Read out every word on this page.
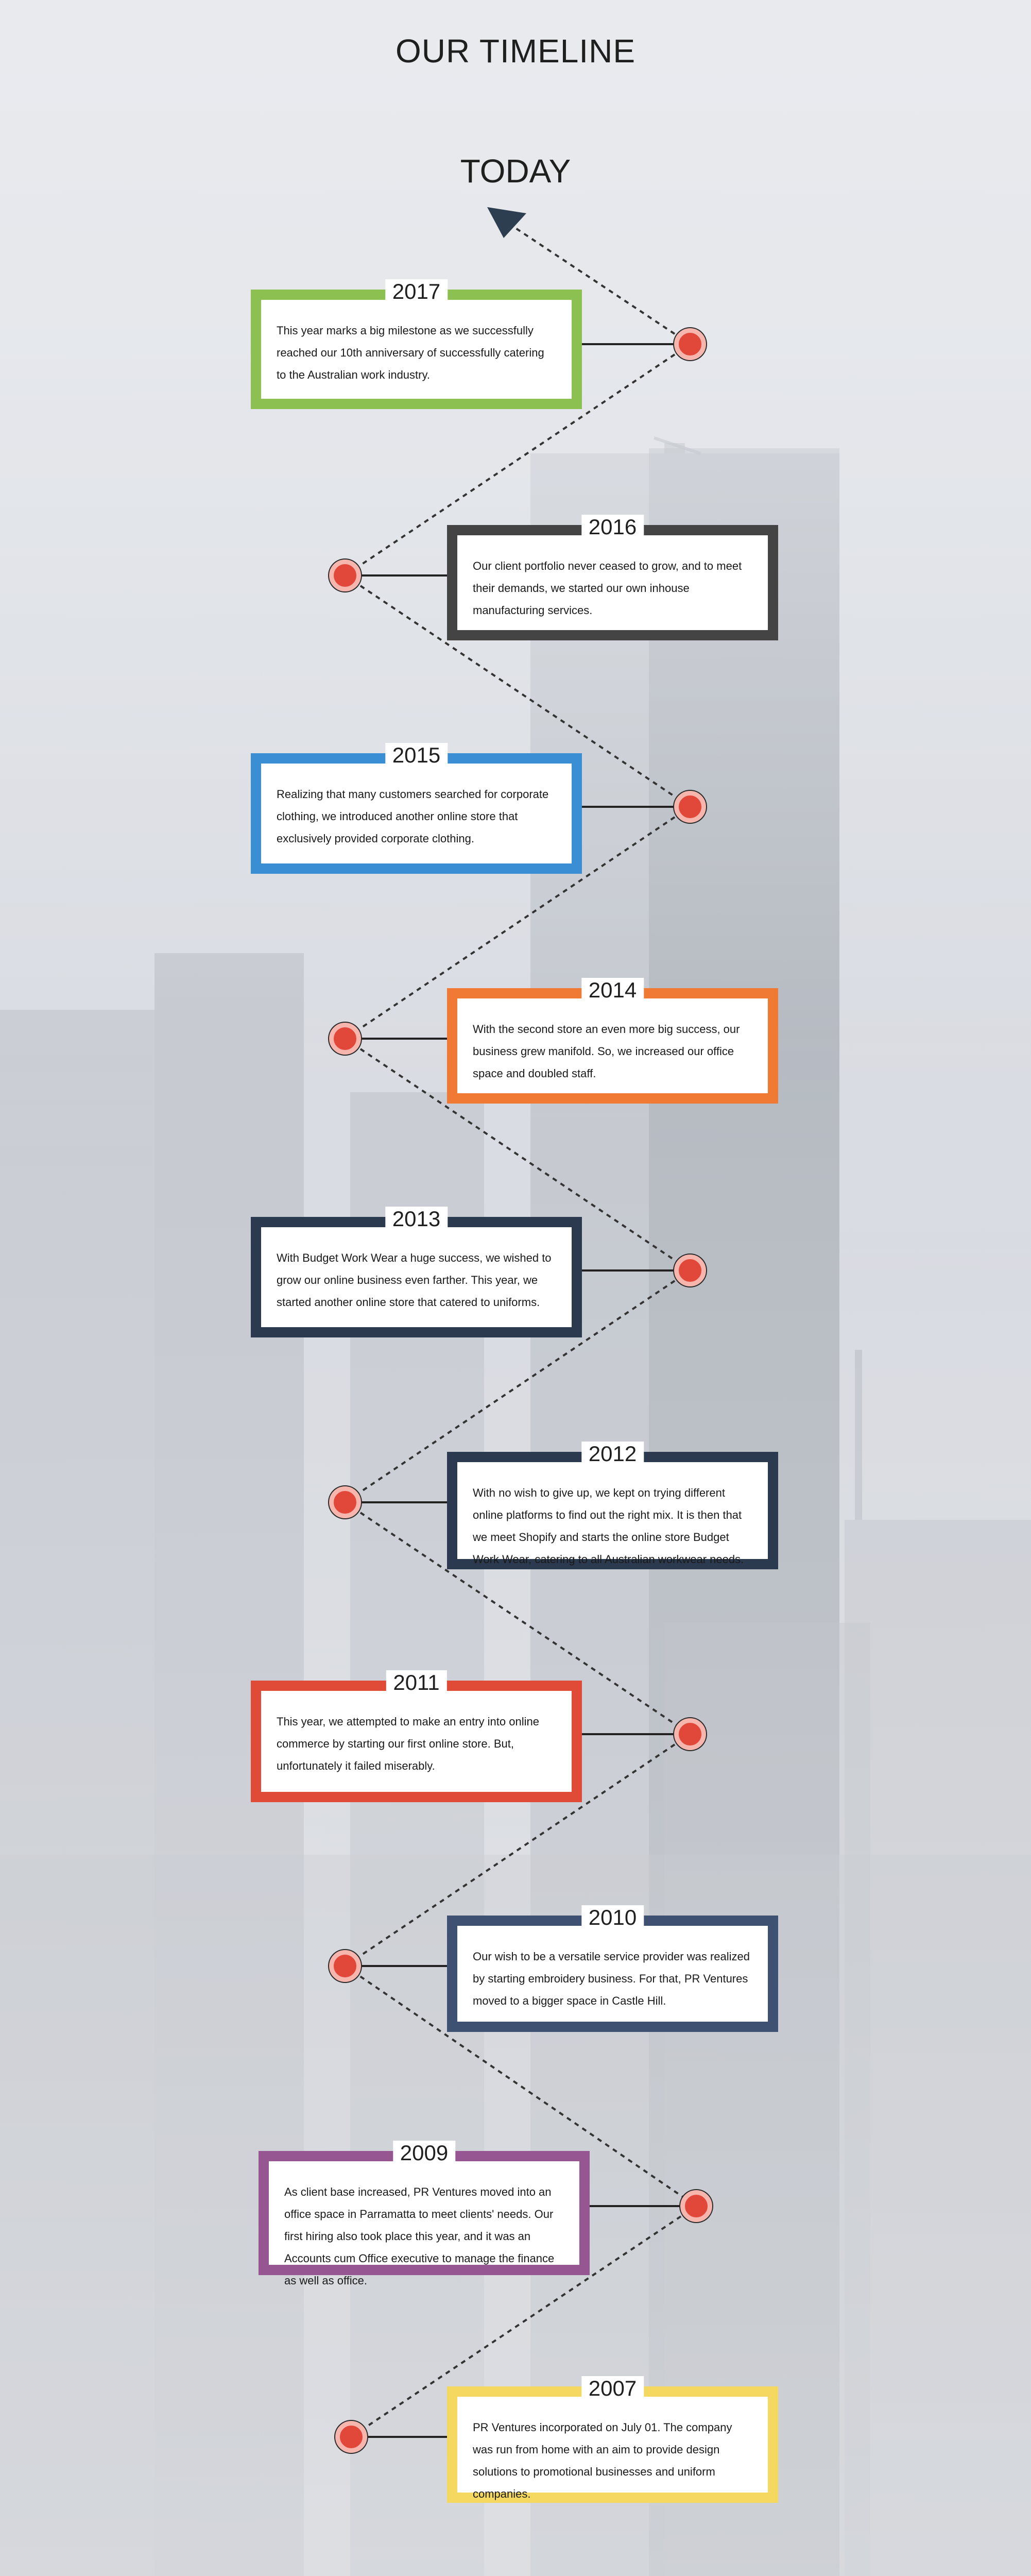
OUR TIMELINE
TODAY
2017
This year marks a big milestone as we successfully reached our 10th anniversary of successfully catering to the Australian work industry.
2016
Our client portfolio never ceased to grow, and to meet their demands, we started our own inhouse manufacturing services.
2015
Realizing that many customers searched for corporate clothing, we introduced another online store that exclusively provided corporate clothing.
2014
With the second store an even more big success, our business grew manifold. So, we increased our office space and doubled staff.
2013
With Budget Work Wear a huge success, we wished to grow our online business even farther. This year, we started another online store that catered to uniforms.
2012
With no wish to give up, we kept on trying different online platforms to find out the right mix. It is then that we meet Shopify and starts the online store Budget Work Wear, catering to all Australian workwear needs.
2011
This year, we attempted to make an entry into online commerce by starting our first online store. But, unfortunately it failed miserably.
2010
Our wish to be a versatile service provider was realized by starting embroidery business. For that, PR Ventures moved to a bigger space in Castle Hill.
2009
As client base increased, PR Ventures moved into an office space in Parramatta to meet clients' needs. Our first hiring also took place this year, and it was an Accounts cum Office executive to manage the finance as well as office.
2007
PR Ventures incorporated on July 01. The company was run from home with an aim to provide design solutions to promotional businesses and uniform companies.
